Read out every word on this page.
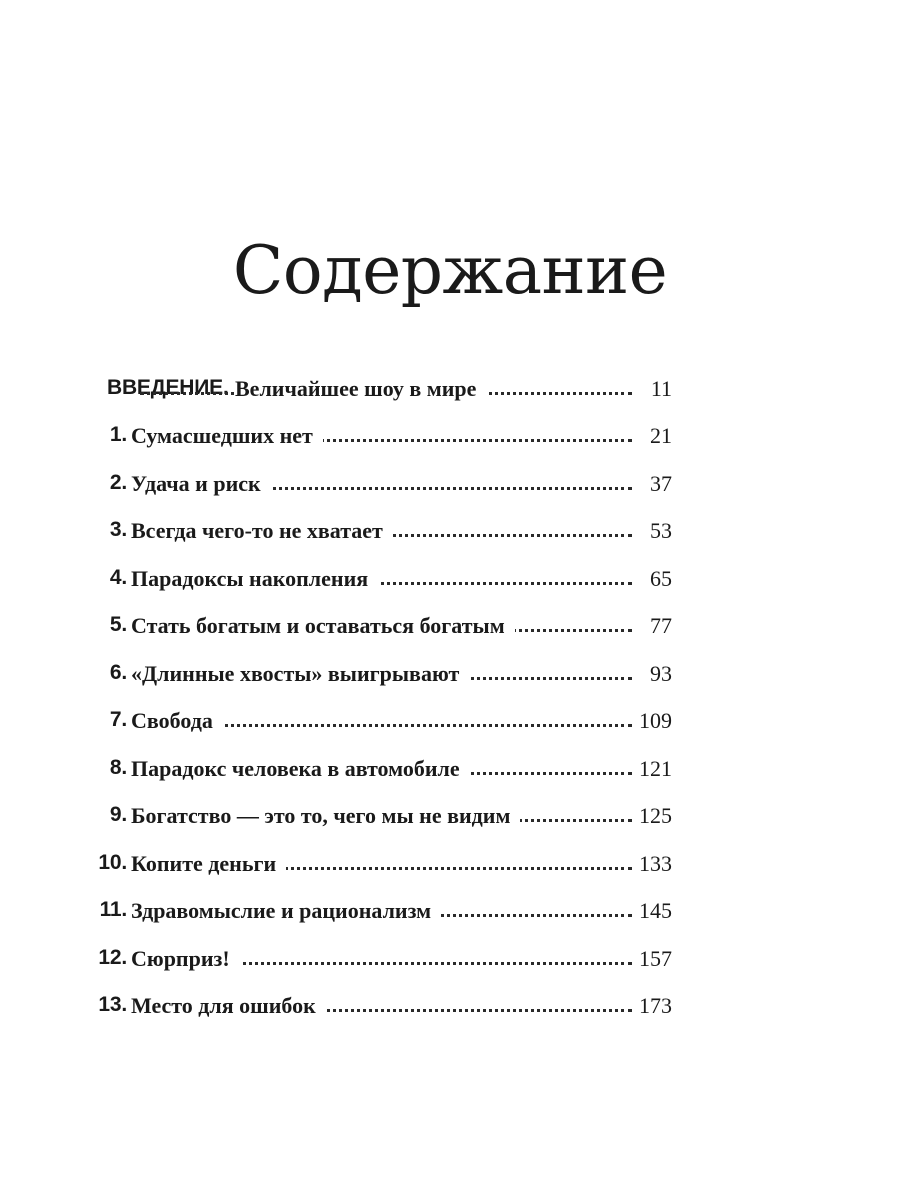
Содержание
ВВЕДЕНИЕ. Величайшее шоу в мире	11
1. Сумасшедших нет	21
2. Удача и риск	37
3. Всегда чего-то не хватает	53
4. Парадоксы накопления	65
5. Стать богатым и оставаться богатым	77
6. «Длинные хвосты» выигрывают	93
7. Свобода	109
8. Парадокс человека в автомобиле	121
9. Богатство — это то, чего мы не видим	125
10. Копите деньги	133
11. Здравомыслие и рационализм	145
12. Сюрприз!	157
13. Место для ошибок	173
